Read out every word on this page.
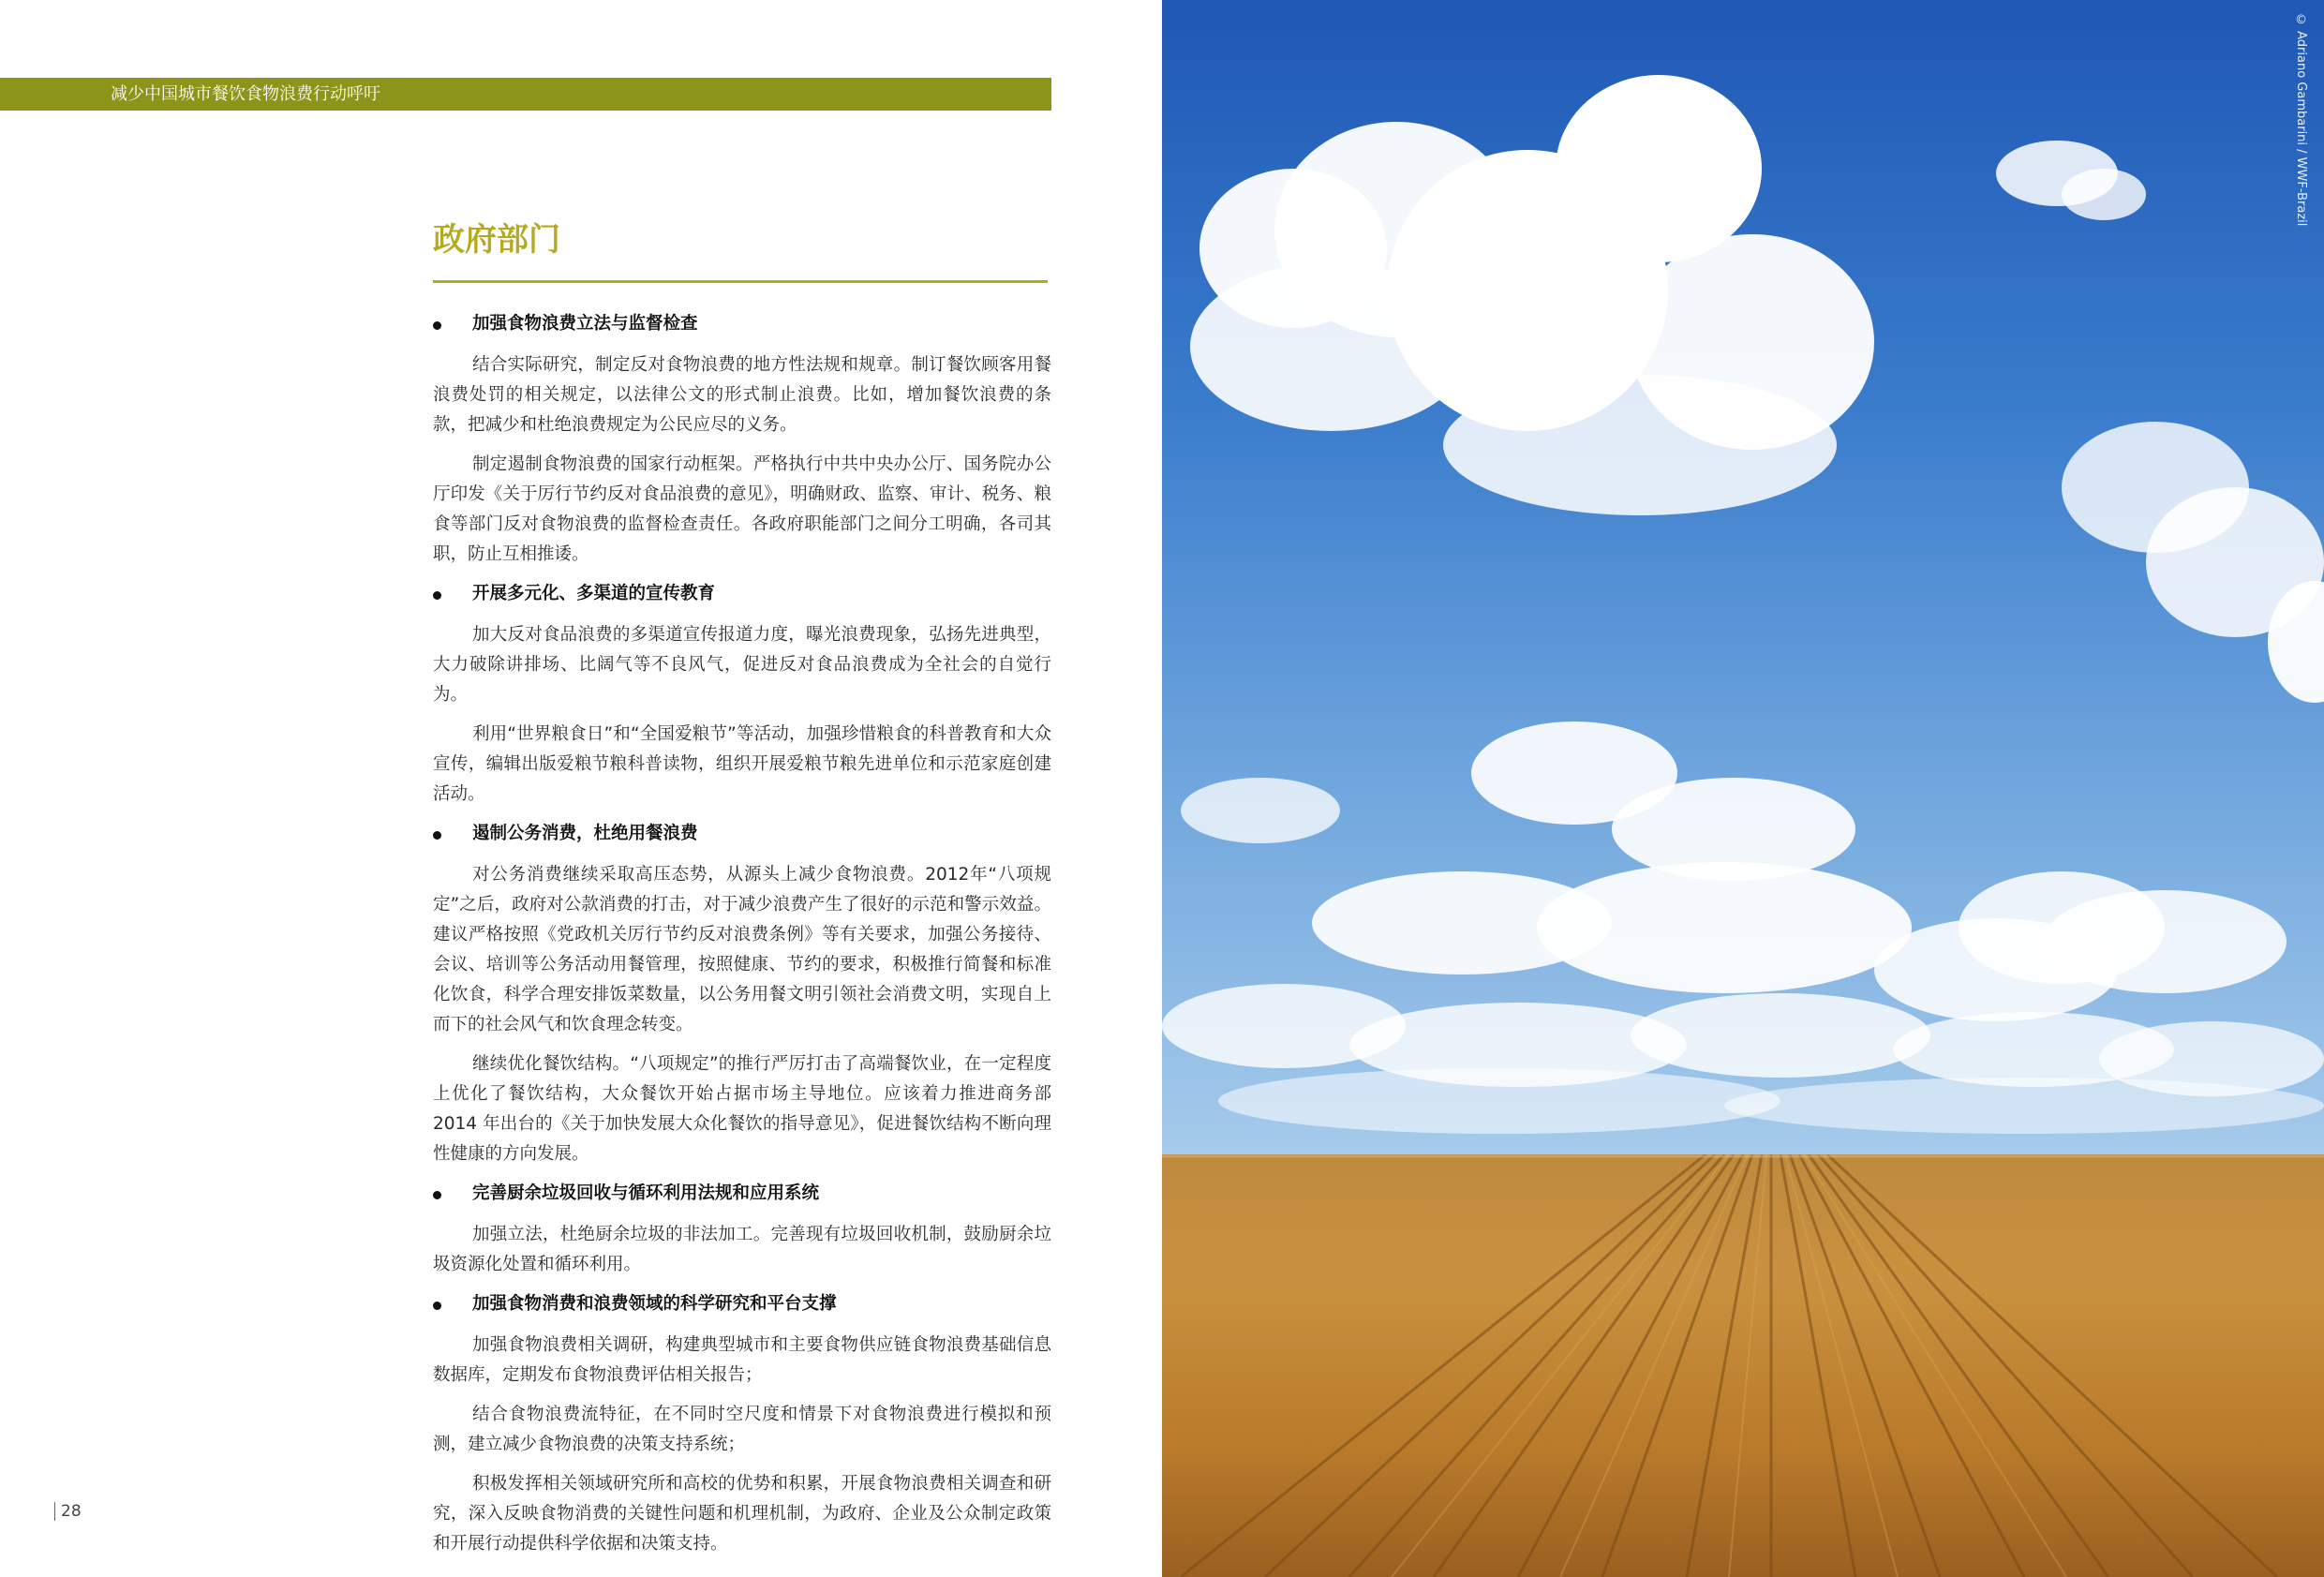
减少中国城市餐饮食物浪费行动呼吁
政府部门
加强食物浪费立法与监督检查

结合实际研究，制定反对食物浪费的地方性法规和规章。制订餐饮顾客用餐浪费处罚的相关规定，以法律公文的形式制止浪费。比如，增加餐饮浪费的条款，把减少和杜绝浪费规定为公民应尽的义务。

制定遏制食物浪费的国家行动框架。严格执行中共中央办公厅、国务院办公厅印发《关于厉行节约反对食品浪费的意见》，明确财政、监察、审计、税务、粮食等部门反对食物浪费的监督检查责任。各政府职能部门之间分工明确，各司其职，防止互相推诿。

开展多元化、多渠道的宣传教育

加大反对食品浪费的多渠道宣传报道力度，曝光浪费现象，弘扬先进典型，大力破除讲排场、比阔气等不良风气，促进反对食品浪费成为全社会的自觉行为。

利用“世界粮食日”和“全国爱粮节”等活动，加强珍惜粮食的科普教育和大众宣传，编辑出版爱粮节粮科普读物，组织开展爱粮节粮先进单位和示范家庭创建活动。

遏制公务消费，杜绝用餐浪费

对公务消费继续采取高压态势，从源头上减少食物浪费。2012年“八项规定”之后，政府对公款消费的打击，对于减少浪费产生了很好的示范和警示效益。建议严格按照《党政机关厉行节约反对浪费条例》等有关要求，加强公务接待、会议、培训等公务活动用餐管理，按照健康、节约的要求，积极推行简餐和标准化饮食，科学合理安排饭菜数量，以公务用餐文明引领社会消费文明，实现自上而下的社会风气和饮食理念转变。

继续优化餐饮结构。“八项规定”的推行严厉打击了高端餐饮业，在一定程度上优化了餐饮结构，大众餐饮开始占据市场主导地位。应该着力推进商务部 2014 年出台的《关于加快发展大众化餐饮的指导意见》，促进餐饮结构不断向理性健康的方向发展。

完善厨余垃圾回收与循环利用法规和应用系统

加强立法，杜绝厨余垃圾的非法加工。完善现有垃圾回收机制，鼓励厨余垃圾资源化处置和循环利用。

加强食物消费和浪费领域的科学研究和平台支撑

加强食物浪费相关调研，构建典型城市和主要食物供应链食物浪费基础信息数据库，定期发布食物浪费评估相关报告；

结合食物浪费流特征，在不同时空尺度和情景下对食物浪费进行模拟和预测，建立减少食物浪费的决策支持系统；

积极发挥相关领域研究所和高校的优势和积累，开展食物浪费相关调查和研究，深入反映食物消费的关键性问题和机理机制，为政府、企业及公众制定政策和开展行动提供科学依据和决策支持。

28
© Adriano Gambarini / WWF-Brazil
